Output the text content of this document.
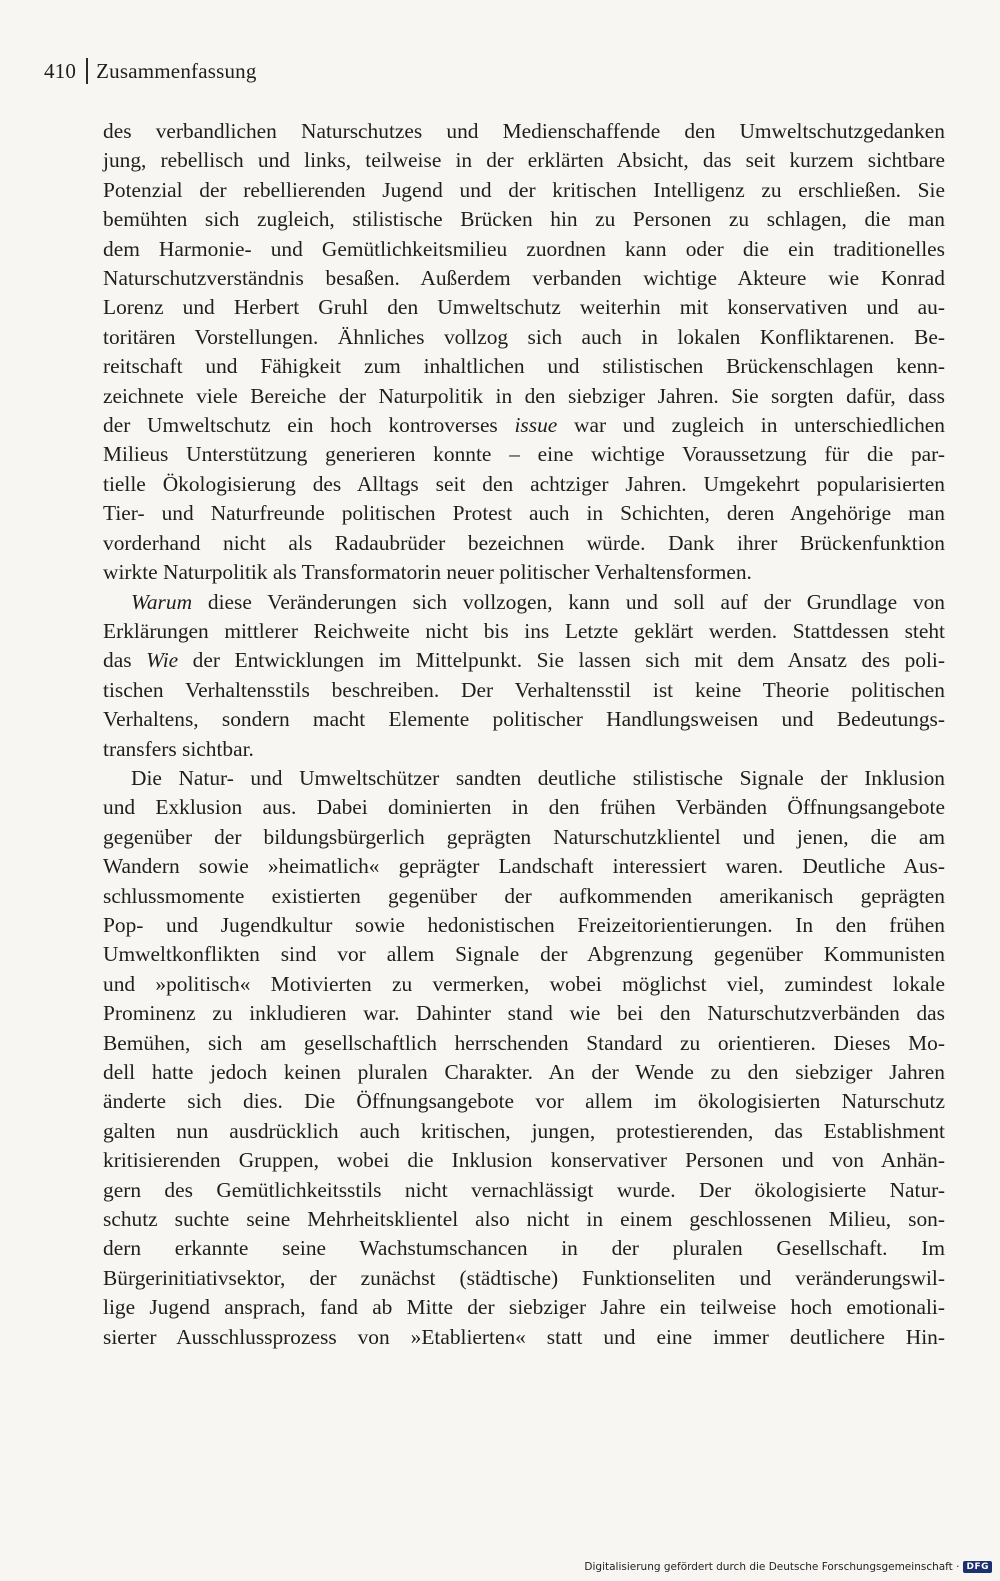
410 Zusammenfassung
des verbandlichen Naturschutzes und Medienschaffende den Umweltschutzgedanken
jung, rebellisch und links, teilweise in der erklärten Absicht, das seit kurzem sichtbare
Potenzial der rebellierenden Jugend und der kritischen Intelligenz zu erschließen. Sie
bemühten sich zugleich, stilistische Brücken hin zu Personen zu schlagen, die man
dem Harmonie- und Gemütlichkeitsmilieu zuordnen kann oder die ein traditionelles
Naturschutzverständnis besaßen. Außerdem verbanden wichtige Akteure wie Konrad
Lorenz und Herbert Gruhl den Umweltschutz weiterhin mit konservativen und au-
toritären Vorstellungen. Ähnliches vollzog sich auch in lokalen Konfliktarenen. Be-
reitschaft und Fähigkeit zum inhaltlichen und stilistischen Brückenschlagen kenn-
zeichnete viele Bereiche der Naturpolitik in den siebziger Jahren. Sie sorgten dafür, dass
der Umweltschutz ein hoch kontroverses issue war und zugleich in unterschiedlichen
Milieus Unterstützung generieren konnte – eine wichtige Voraussetzung für die par-
tielle Ökologisierung des Alltags seit den achtziger Jahren. Umgekehrt popularisierten
Tier- und Naturfreunde politischen Protest auch in Schichten, deren Angehörige man
vorderhand nicht als Radaubrüder bezeichnen würde. Dank ihrer Brückenfunktion
wirkte Naturpolitik als Transformatorin neuer politischer Verhaltensformen.
Warum diese Veränderungen sich vollzogen, kann und soll auf der Grundlage von
Erklärungen mittlerer Reichweite nicht bis ins Letzte geklärt werden. Stattdessen steht
das Wie der Entwicklungen im Mittelpunkt. Sie lassen sich mit dem Ansatz des poli-
tischen Verhaltensstils beschreiben. Der Verhaltensstil ist keine Theorie politischen
Verhaltens, sondern macht Elemente politischer Handlungsweisen und Bedeutungs-
transfers sichtbar.
Die Natur- und Umweltschützer sandten deutliche stilistische Signale der Inklusion
und Exklusion aus. Dabei dominierten in den frühen Verbänden Öffnungsangebote
gegenüber der bildungsbürgerlich geprägten Naturschutzklientel und jenen, die am
Wandern sowie »heimatlich« geprägter Landschaft interessiert waren. Deutliche Aus-
schlussmomente existierten gegenüber der aufkommenden amerikanisch geprägten
Pop- und Jugendkultur sowie hedonistischen Freizeitorientierungen. In den frühen
Umweltkonflikten sind vor allem Signale der Abgrenzung gegenüber Kommunisten
und »politisch« Motivierten zu vermerken, wobei möglichst viel, zumindest lokale
Prominenz zu inkludieren war. Dahinter stand wie bei den Naturschutzverbänden das
Bemühen, sich am gesellschaftlich herrschenden Standard zu orientieren. Dieses Mo-
dell hatte jedoch keinen pluralen Charakter. An der Wende zu den siebziger Jahren
änderte sich dies. Die Öffnungsangebote vor allem im ökologisierten Naturschutz
galten nun ausdrücklich auch kritischen, jungen, protestierenden, das Establishment
kritisierenden Gruppen, wobei die Inklusion konservativer Personen und von Anhän-
gern des Gemütlichkeitsstils nicht vernachlässigt wurde. Der ökologisierte Natur-
schutz suchte seine Mehrheitsklientel also nicht in einem geschlossenen Milieu, son-
dern erkannte seine Wachstumschancen in der pluralen Gesellschaft. Im
Bürgerinitiativsektor, der zunächst (städtische) Funktionseliten und veränderungswil-
lige Jugend ansprach, fand ab Mitte der siebziger Jahre ein teilweise hoch emotionali-
sierter Ausschlussprozess von »Etablierten« statt und eine immer deutlichere Hin-
Digitalisierung gefördert durch die Deutsche Forschungsgemeinschaft · DFG
